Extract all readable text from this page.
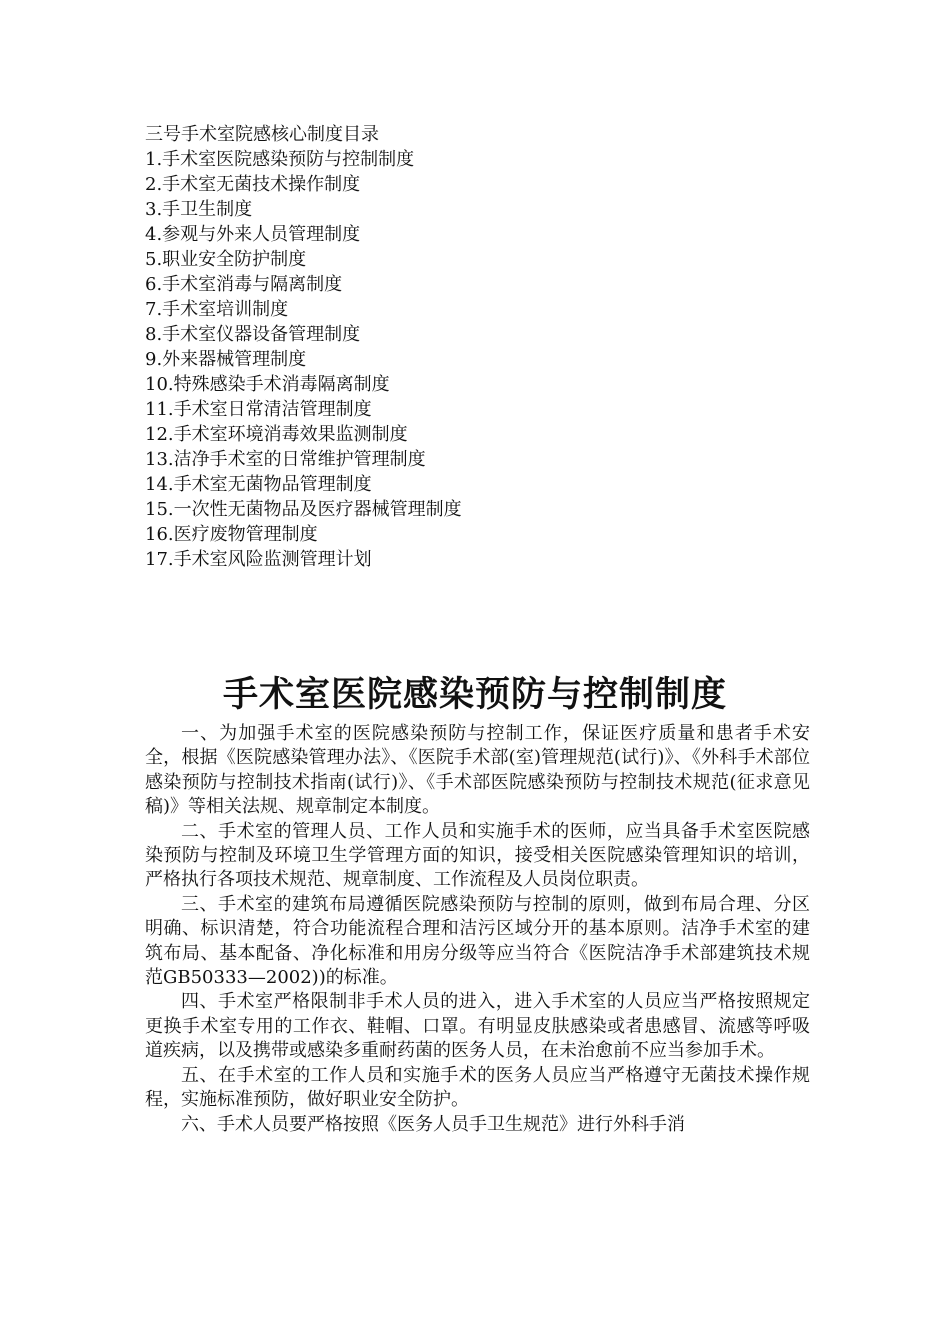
三号手术室院感核心制度目录

1.手术室医院感染预防与控制制度
2.手术室无菌技术操作制度
3.手卫生制度
4.参观与外来人员管理制度
5.职业安全防护制度
6.手术室消毒与隔离制度
7.手术室培训制度
8.手术室仪器设备管理制度
9.外来器械管理制度
10.特殊感染手术消毒隔离制度
11.手术室日常清洁管理制度
12.手术室环境消毒效果监测制度
13.洁净手术室的日常维护管理制度
14.手术室无菌物品管理制度
15.一次性无菌物品及医疗器械管理制度
16.医疗废物管理制度
17.手术室风险监测管理计划
手术室医院感染预防与控制制度

一、为加强手术室的医院感染预防与控制工作，保证医疗质量和患者手术安全，根据《医院感染管理办法》、《医院手术部(室)管理规范(试行)》、《外科手术部位感染预防与控制技术指南(试行)》、《手术部医院感染预防与控制技术规范(征求意见稿)》等相关法规、规章制定本制度。

二、手术室的管理人员、工作人员和实施手术的医师，应当具备手术室医院感染预防与控制及环境卫生学管理方面的知识，接受相关医院感染管理知识的培训，严格执行各项技术规范、规章制度、工作流程及人员岗位职责。

三、手术室的建筑布局遵循医院感染预防与控制的原则，做到布局合理、分区明确、标识清楚，符合功能流程合理和洁污区域分开的基本原则。洁净手术室的建筑布局、基本配备、净化标准和用房分级等应当符合《医院洁净手术部建筑技术规范GB50333—2002))的标准。

四、手术室严格限制非手术人员的进入，进入手术室的人员应当严格按照规定更换手术室专用的工作衣、鞋帽、口罩。有明显皮肤感染或者患感冒、流感等呼吸道疾病，以及携带或感染多重耐药菌的医务人员，在未治愈前不应当参加手术。

五、在手术室的工作人员和实施手术的医务人员应当严格遵守无菌技术操作规程，实施标准预防，做好职业安全防护。

六、手术人员要严格按照《医务人员手卫生规范》进行外科手消
